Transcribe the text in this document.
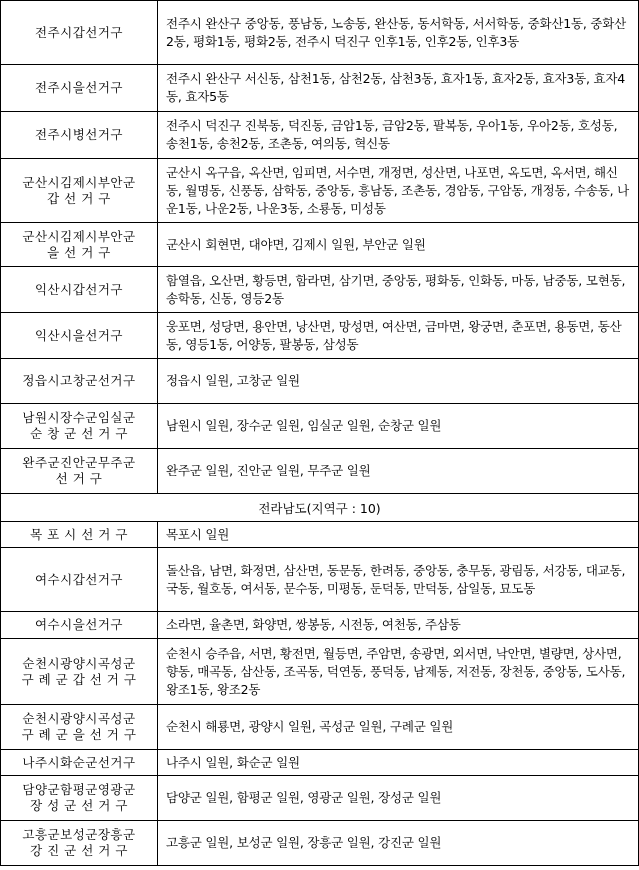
전주시갑선거구	전주시 완산구 중앙동, 풍남동, 노송동, 완산동, 동서학동, 서서학동, 중화산1동, 중화산2동, 평화1동, 평화2동, 전주시 덕진구 인후1동, 인후2동, 인후3동
전주시을선거구	전주시 완산구 서신동, 삼천1동, 삼천2동, 삼천3동, 효자1동, 효자2동, 효자3동, 효자4동, 효자5동
전주시병선거구	전주시 덕진구 진북동, 덕진동, 금암1동, 금암2동, 팔복동, 우아1동, 우아2동, 호성동, 송천1동, 송천2동, 조촌동, 여의동, 혁신동
군산시김제시부안군
갑 선 거 구	군산시 옥구읍, 옥산면, 임피면, 서수면, 개정면, 성산면, 나포면, 옥도면, 옥서면, 해신동, 월명동, 신풍동, 삼학동, 중앙동, 흥남동, 조촌동, 경암동, 구암동, 개정동, 수송동, 나운1동, 나운2동, 나운3동, 소룡동, 미성동
군산시김제시부안군
을 선 거 구	군산시 회현면, 대야면, 김제시 일원, 부안군 일원
익산시갑선거구	함열읍, 오산면, 황등면, 함라면, 삼기면, 중앙동, 평화동, 인화동, 마동, 남중동, 모현동, 송학동, 신동, 영등2동
익산시을선거구	웅포면, 성당면, 용안면, 낭산면, 망성면, 여산면, 금마면, 왕궁면, 춘포면, 용동면, 동산동, 영등1동, 어양동, 팔봉동, 삼성동
정읍시고창군선거구	정읍시 일원, 고창군 일원
남원시장수군임실군
순 창 군 선 거 구	남원시 일원, 장수군 일원, 임실군 일원, 순창군 일원
완주군진안군무주군
선 거 구	완주군 일원, 진안군 일원, 무주군 일원
전라남도(지역구 : 10)	
목 포 시 선 거 구	목포시 일원
여수시갑선거구	돌산읍, 남면, 화정면, 삼산면, 동문동, 한려동, 중앙동, 충무동, 광림동, 서강동, 대교동, 국동, 월호동, 여서동, 문수동, 미평동, 둔덕동, 만덕동, 삼일동, 묘도동
여수시을선거구	소라면, 율촌면, 화양면, 쌍봉동, 시전동, 여천동, 주삼동
순천시광양시곡성군
구 례 군 갑 선 거 구	순천시 승주읍, 서면, 황전면, 월등면, 주암면, 송광면, 외서면, 낙안면, 별량면, 상사면, 향동, 매곡동, 삼산동, 조곡동, 덕연동, 풍덕동, 남제동, 저전동, 장천동, 중앙동, 도사동, 왕조1동, 왕조2동
순천시광양시곡성군
구 례 군 을 선 거 구	순천시 해룡면, 광양시 일원, 곡성군 일원, 구례군 일원
나주시화순군선거구	나주시 일원, 화순군 일원
담양군함평군영광군
장 성 군 선 거 구	담양군 일원, 함평군 일원, 영광군 일원, 장성군 일원
고흥군보성군장흥군
강 진 군 선 거 구	고흥군 일원, 보성군 일원, 장흥군 일원, 강진군 일원
